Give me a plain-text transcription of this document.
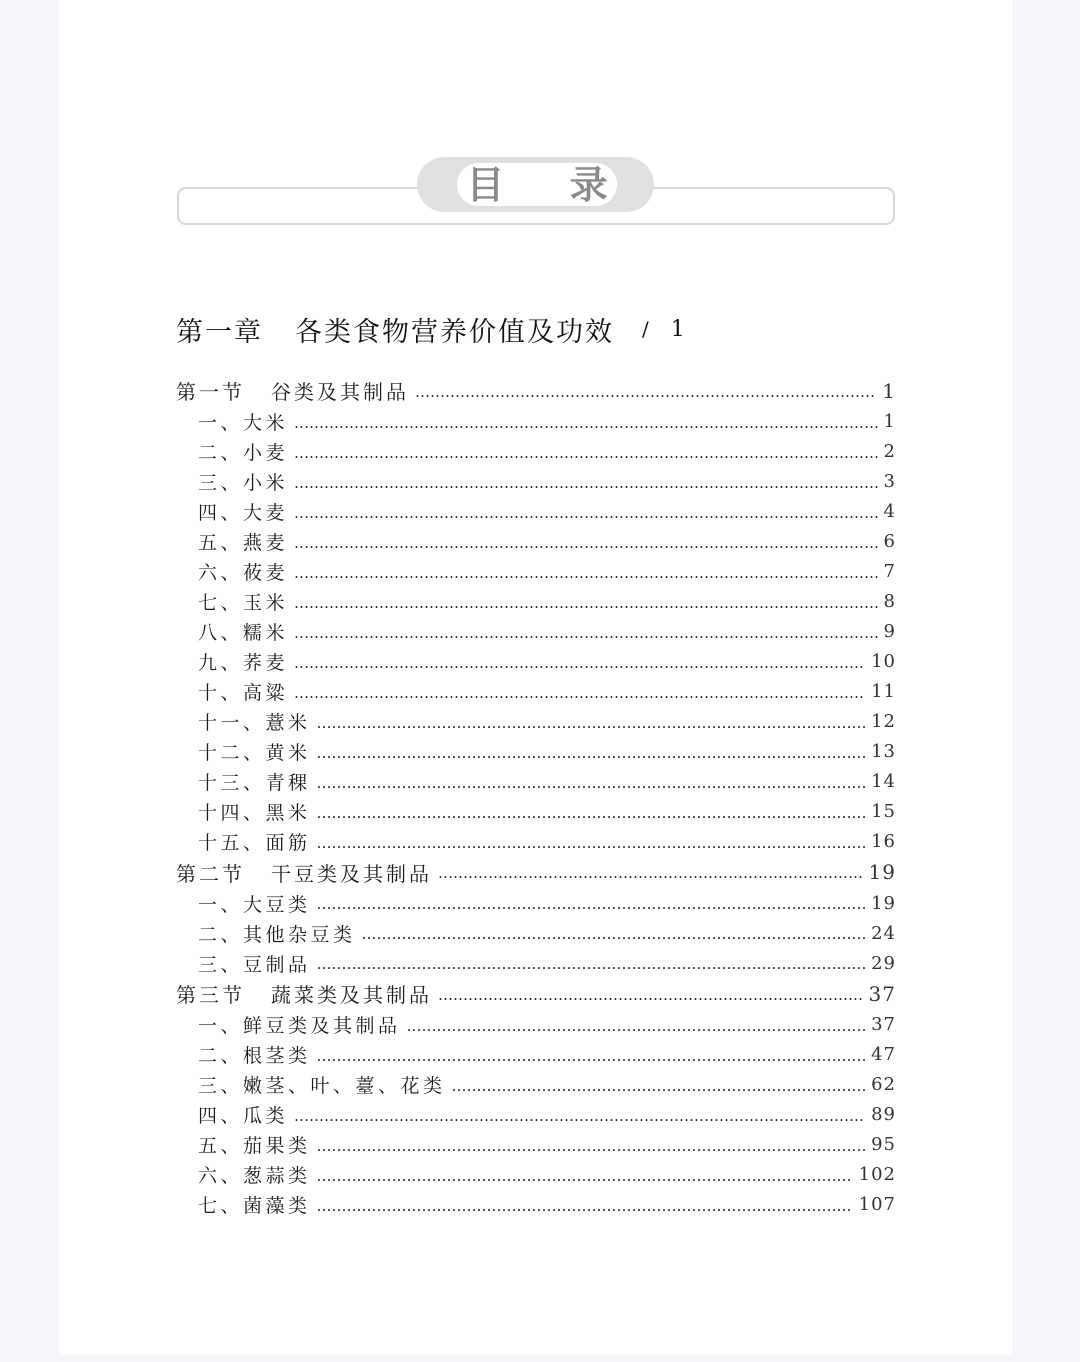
目 录
第一章 各类食物营养价值及功效 / 1
第一节 谷类及其制品 …………………………………………………………………………………………………………………………………………………………………………………………	1
一、大米 …………………………………………………………………………………………………………………………………………………………………………………………	1
二、小麦 …………………………………………………………………………………………………………………………………………………………………………………………	2
三、小米 …………………………………………………………………………………………………………………………………………………………………………………………	3
四、大麦 …………………………………………………………………………………………………………………………………………………………………………………………	4
五、燕麦 …………………………………………………………………………………………………………………………………………………………………………………………	6
六、莜麦 …………………………………………………………………………………………………………………………………………………………………………………………	7
七、玉米 …………………………………………………………………………………………………………………………………………………………………………………………	8
八、糯米 …………………………………………………………………………………………………………………………………………………………………………………………	9
九、荞麦 …………………………………………………………………………………………………………………………………………………………………………………………	10
十、高粱 …………………………………………………………………………………………………………………………………………………………………………………………	11
十一、薏米 …………………………………………………………………………………………………………………………………………………………………………………………	12
十二、黄米 …………………………………………………………………………………………………………………………………………………………………………………………	13
十三、青稞 …………………………………………………………………………………………………………………………………………………………………………………………	14
十四、黑米 …………………………………………………………………………………………………………………………………………………………………………………………	15
十五、面筋 …………………………………………………………………………………………………………………………………………………………………………………………	16
第二节 干豆类及其制品 …………………………………………………………………………………………………………………………………………………………………………………………	19
一、大豆类 …………………………………………………………………………………………………………………………………………………………………………………………	19
二、其他杂豆类 …………………………………………………………………………………………………………………………………………………………………………………………	24
三、豆制品 …………………………………………………………………………………………………………………………………………………………………………………………	29
第三节 蔬菜类及其制品 …………………………………………………………………………………………………………………………………………………………………………………………	37
一、鲜豆类及其制品 …………………………………………………………………………………………………………………………………………………………………………………………	37
二、根茎类 …………………………………………………………………………………………………………………………………………………………………………………………	47
三、嫩茎、叶、薹、花类 …………………………………………………………………………………………………………………………………………………………………………………………	62
四、瓜类 …………………………………………………………………………………………………………………………………………………………………………………………	89
五、茄果类 …………………………………………………………………………………………………………………………………………………………………………………………	95
六、葱蒜类 …………………………………………………………………………………………………………………………………………………………………………………………	102
七、菌藻类 …………………………………………………………………………………………………………………………………………………………………………………………	107
